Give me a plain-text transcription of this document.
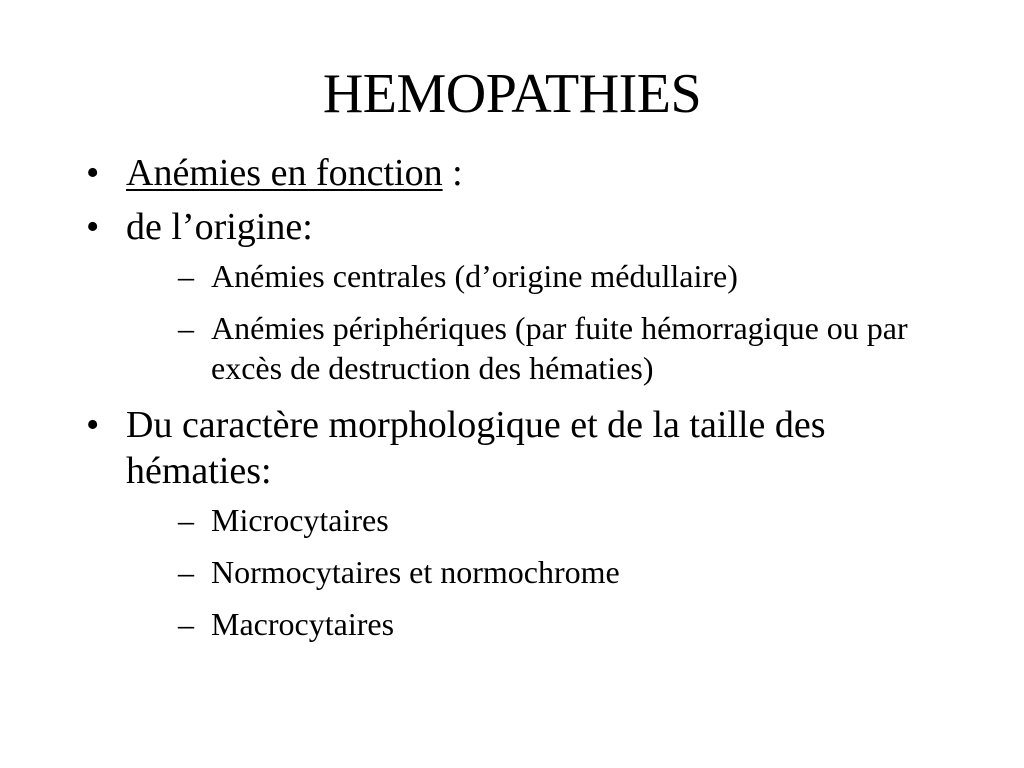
HEMOPATHIES
• Anémies en fonction :
• de l’origine:
– Anémies centrales (d’origine médullaire)
– Anémies périphériques (par fuite hémorragique ou par excès de destruction des hématies)
• Du caractère morphologique et de la taille des hématies:
– Microcytaires
– Normocytaires et normochrome
– Macrocytaires
